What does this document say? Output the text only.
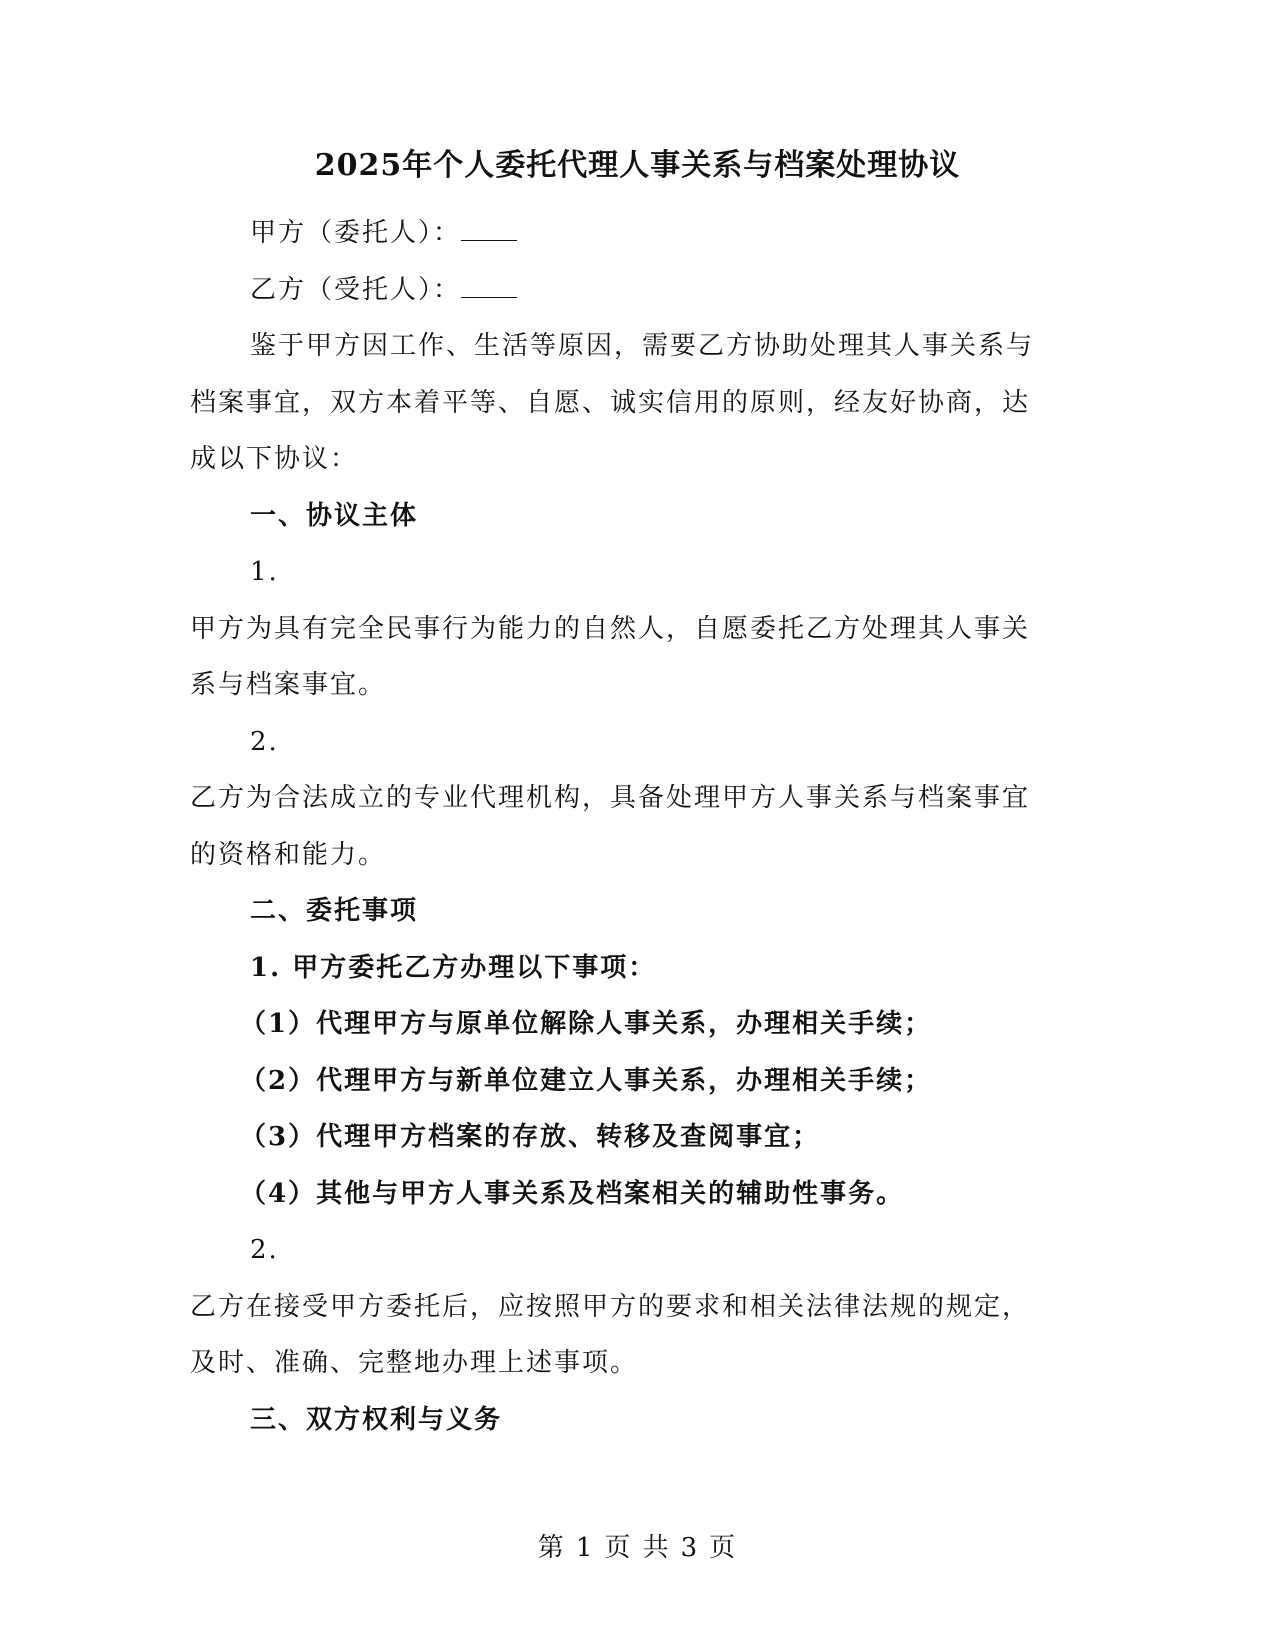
2025年个人委托代理人事关系与档案处理协议

甲方（委托人）：

乙方（受托人）：

鉴于甲方因工作、生活等原因，需要乙方协助处理其人事关系与

档案事宜，双方本着平等、自愿、诚实信用的原则，经友好协商，达

成以下协议：

一、协议主体

1.

甲方为具有完全民事行为能力的自然人，自愿委托乙方处理其人事关

系与档案事宜。

2.

乙方为合法成立的专业代理机构，具备处理甲方人事关系与档案事宜

的资格和能力。

二、委托事项

1. 甲方委托乙方办理以下事项：

（1）代理甲方与原单位解除人事关系，办理相关手续；

（2）代理甲方与新单位建立人事关系，办理相关手续；

（3）代理甲方档案的存放、转移及查阅事宜；

（4）其他与甲方人事关系及档案相关的辅助性事务。

2.

乙方在接受甲方委托后，应按照甲方的要求和相关法律法规的规定，

及时、准确、完整地办理上述事项。

三、双方权利与义务

第 1 页 共 3 页
